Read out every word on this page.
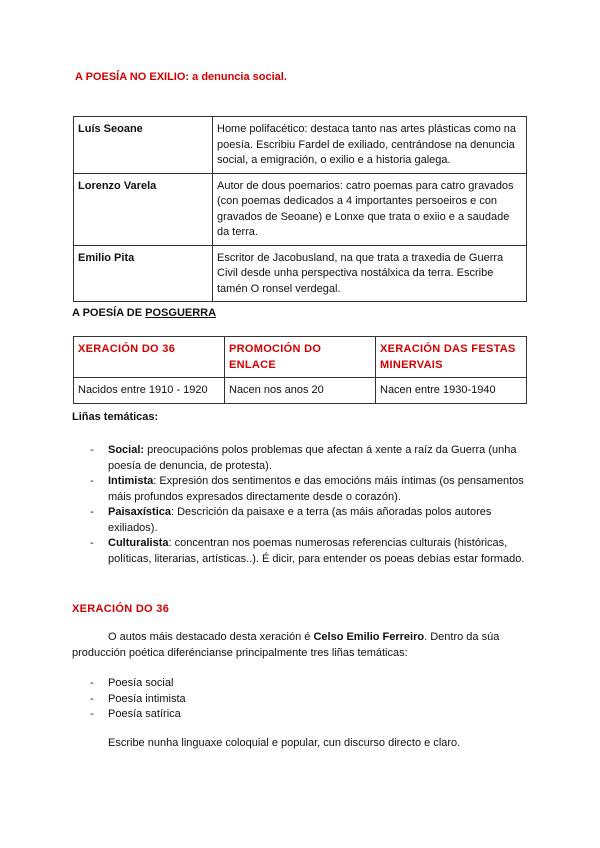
A POESÍA NO EXILIO: a denuncia social.
Luís Seoane	Home polifacético: destaca tanto nas artes plásticas como na poesía. Escribiu Fardel de exiliado, centrándose na denuncia social, a emigración, o exilio e a historia galega.
Lorenzo Varela	Autor de dous poemarios: catro poemas para catro gravados (con poemas dedicados a 4 importantes persoeiros e con gravados de Seoane) e Lonxe que trata o exiio e a saudade da terra.
Emilio Pita	Escritor de Jacobusland, na que trata a traxedia de Guerra Civil desde unha perspectiva nostálxica da terra. Escribe tamén O ronsel verdegal.
A POESÍA DE POSGUERRA
XERACIÓN DO 36	PROMOCIÓN DO ENLACE	XERACIÓN DAS FESTAS MINERVAIS
Nacidos entre 1910 - 1920	Nacen nos anos 20	Nacen entre 1930-1940
Liñas temáticas:
- Social: preocupacións polos problemas que afectan á xente a raíz da Guerra (unha poesía de denuncia, de protesta).
- Intimista: Expresión dos sentimentos e das emocións máis íntimas (os pensamentos máis profundos expresados directamente desde o corazón).
- Paisaxística: Descrición da paisaxe e a terra (as máis añoradas polos autores exiliados).
- Culturalista: concentran nos poemas numerosas referencias culturais (históricas, políticas, literarias, artísticas..). É dicir, para entender os poeas debías estar formado.
XERACIÓN DO 36

O autos máis destacado desta xeración é Celso Emilio Ferreiro. Dentro da súa producción poética diferéncianse principalmente tres liñas temáticas:

- Poesía social
- Poesía intimista
- Poesía satírica
Escribe nunha linguaxe coloquial e popular, cun discurso directo e claro.
